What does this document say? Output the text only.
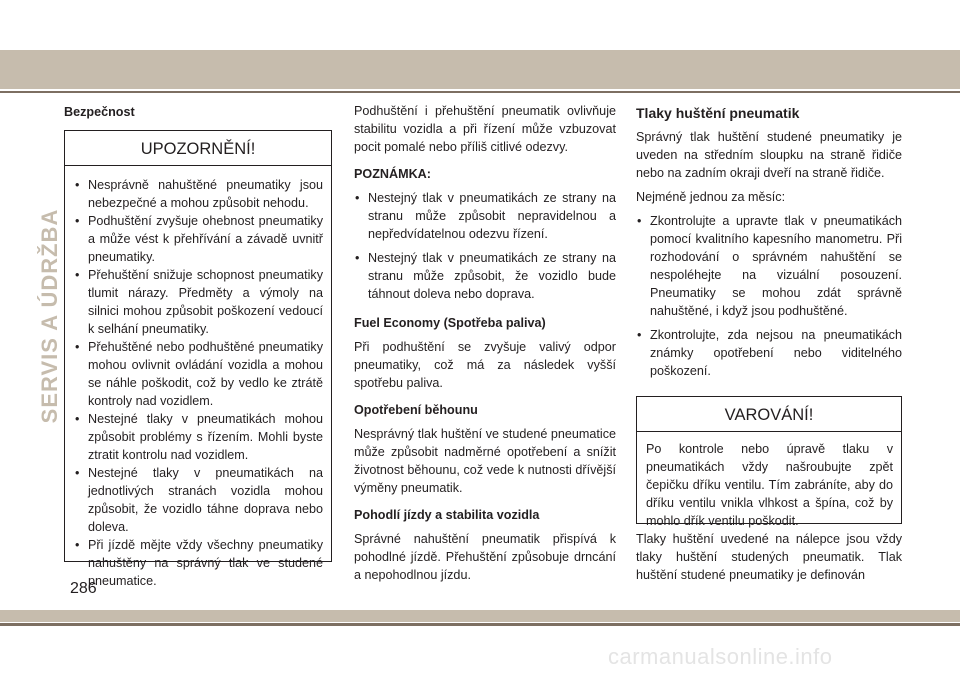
SERVIS A ÚDRŽBA
Bezpečnost
UPOZORNĚNÍ!
• Nesprávně nahuštěné pneumatiky jsou nebezpečné a mohou způsobit nehodu.
• Podhuštění zvyšuje ohebnost pneumatiky a může vést k přehřívání a závadě uvnitř pneumatiky.
• Přehuštění snižuje schopnost pneumatiky tlumit nárazy. Předměty a výmoly na silnici mohou způsobit poškození vedoucí k selhání pneumatiky.
• Přehuštěné nebo podhuštěné pneumatiky mohou ovlivnit ovládání vozidla a mohou se náhle poškodit, což by vedlo ke ztrátě kontroly nad vozidlem.
• Nestejné tlaky v pneumatikách mohou způsobit problémy s řízením. Mohli byste ztratit kontrolu nad vozidlem.
• Nestejné tlaky v pneumatikách na jednotlivých stranách vozidla mohou způsobit, že vozidlo táhne doprava nebo doleva.
• Při jízdě mějte vždy všechny pneumatiky nahuštěny na správný tlak ve studené pneumatice.

Podhuštění i přehuštění pneumatik ovlivňuje stabilitu vozidla a při řízení může vzbuzovat pocit pomalé nebo příliš citlivé odezvy.

POZNÁMKA:

• Nestejný tlak v pneumatikách ze strany na stranu může způsobit nepravidelnou a nepředvídatelnou odezvu řízení.
• Nestejný tlak v pneumatikách ze strany na stranu může způsobit, že vozidlo bude táhnout doleva nebo doprava.

Fuel Economy (Spotřeba paliva)

Při podhuštění se zvyšuje valivý odpor pneumatiky, což má za následek vyšší spotřebu paliva.

Opotřebení běhounu

Nesprávný tlak huštění ve studené pneumatice může způsobit nadměrné opotřebení a snížit životnost běhounu, což vede k nutnosti dřívější výměny pneumatik.

Pohodlí jízdy a stabilita vozidla

Správné nahuštění pneumatik přispívá k pohodlné jízdě. Přehuštění způsobuje drncání a nepohodlnou jízdu.

Tlaky huštění pneumatik

Správný tlak huštění studené pneumatiky je uveden na středním sloupku na straně řidiče nebo na zadním okraji dveří na straně řidiče.

Nejméně jednou za měsíc:

• Zkontrolujte a upravte tlak v pneumatikách pomocí kvalitního kapesního manometru. Při rozhodování o správném nahuštění se nespoléhejte na vizuální posouzení. Pneumatiky se mohou zdát správně nahuštěné, i když jsou podhuštěné.
• Zkontrolujte, zda nejsou na pneumatikách známky opotřebení nebo viditelného poškození.
VAROVÁNÍ!

Po kontrole nebo úpravě tlaku v pneumatikách vždy našroubujte zpět čepičku dříku ventilu. Tím zabráníte, aby do dříku ventilu vnikla vlhkost a špína, což by mohlo dřík ventilu poškodit.

Tlaky huštění uvedené na nálepce jsou vždy tlaky huštění studených pneumatik. Tlak huštění studené pneumatiky je definován

286
carmanualsonline.info
